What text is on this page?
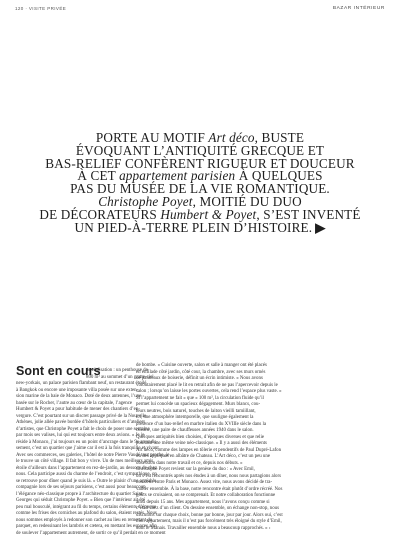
120 · VISITE PRIVÉE	BAZAR INTÉRIEUR
PORTE AU MOTIF Art déco, BUSTE
ÉVOQUANT L’ANTIQUITÉ GRECQUE ET
BAS-RELIEF CONFÈRENT RIGUEUR ET DOUCEUR
À CET appartement parisien À QUELQUES
PAS DU MUSÉE DE LA VIE ROMANTIQUE.
Christophe Poyet, MOITIÉ DU DUO
DE DÉCORATEURS Humbert & Poyet, S’EST INVENTÉ
UN PIED-À-TERRE PLEIN D’HISTOIRE. ▶
Sont en cours

de réalisation : un penthouse de

800 m² au sommet d’un gratte-ciel

new-yorkais, un palace parisien flambant neuf, un restaurant étoilé

à Bangkok ou encore une imposante villa posée sur une exten-

sion marine de la baie de Monaco. Doté de deux antennes, l’une

basée sur le Rocher, l’autre au cœur de la capitale, l’agence

Humbert & Poyet a pour habitude de mener des chantiers d’en-

vergure. C’est pourtant sur un discret passage privé de la Nouvelle

Athènes, jolie allée pavée bordée d’hôtels particuliers et d’ateliers

d’artistes, que Christophe Poyet a fait le choix de poser une semaine

par mois ses valises, lui qui est toujours entre deux avions. « Je je

réside à Monaco, j’ai toujours eu un point d’ancrage dans le 9e arrondis-

sement, c’est un quartier que j’aime car il est à la fois tranquille et vivant.

Avec ses commerces, ses galeries, l’hôtel de notre Pierre Vaudé tout proche, je

le trouve un côté village. Il fait bon y vivre. Un de mes meilleurs amis

étoile d’ailleurs dans l’appartement en rez-de-jardin, au dessous de chez

nous. Cela participe aussi du charme de l’endroit, c’est sympathique, on

se retrouve pour dîner quand je suis là. » Outre le plaisir d’une agréable

compagnie lors de ses séjours parisiens, c’est aussi pour beaucoup

l’élégance néo-classique propre à l’architecture du quartier Saint-

Georges qui séduit Christophe Poyet. « Bien que l’intérieur ait été

peu mal bousculé, intégrant au fil du temps, certains éléments d’époque

comme les frises des corniches au plafond du salon, étaient restés. Nous

nous sommes employés à redonner son cachet au lieu en remettant du

parquet, en redessinant les lambris et cætera, en mettant les espaces afin

de soulever l’appartement autrement, de sortir ce qu’il perdait en ce moment

de bombe. » Cuisine ouverte, salon et salle à manger ont été placés

en enfilade côté jardin, côté cour, la chambre, avec ses murs ornés

de panneaux de boiserie, définit un écrin intimiste. « Nous avons

volontairement placé le lit en retrait afin de ne pas l’apercevoir depuis le

salon ; lorsqu’on laisse les portes ouvertes, cela rend l’espace plus vaste. »

Si l’appartement ne fait « que » 100 m², la circulation fluide qu’il

permet lui concède un spacieux dégagement. Murs blancs, cou-

leurs neutres, bois naturel, touches de laiton vieilli tamiillant,

ici, une atmosphère intemporelle, que souligne également la

présence d’un bas-relief en marbre italien du XVIIIe siècle dans la

cuisine, une paire de chauffeuses années 1940 dans le salon.

Quelques antiquités bien choisies, d’époques diverses et que relie

pourtant une même veine néo-classique. « Il y a aussi des éléments

Art déco, comme des lampes en tôlerie et pendentifs de Paul Dupré-Lafon

ou des appliques en albâtre de Chateau. L’Art déco, c’est un peu une

obsession dans notre travail et ce, depuis nos débuts. »

Christophe Poyet revient sur la genèse du duo : « Avec Emil,

on s’est rencontrés après nos études à un dîner, nous nous partagions alors

nos deux entre Paris et Monaco. Assez vite, nous avons décidé de tra-

vailler ensemble. À la base, notre rencontre était plutôt d’ordre récréé. Nos

goûts se croisaient, on se comprenait. Et notre collaboration fonctionne

ainsi depuis 15 ans. Mes appartement, nous l’avons conçu comme si

c’était chez d’un client. On dessine ensemble, on échange non-stop, nous

discutons sur chaque choix, bonne par bonne, jour par jour. Alors oui, c’est

mon appartement, mais il n’est pas forcément très éloigné du style d’Emil,

dont le Manais. Travailler ensemble nous a beaucoup rapprochés. » ›
